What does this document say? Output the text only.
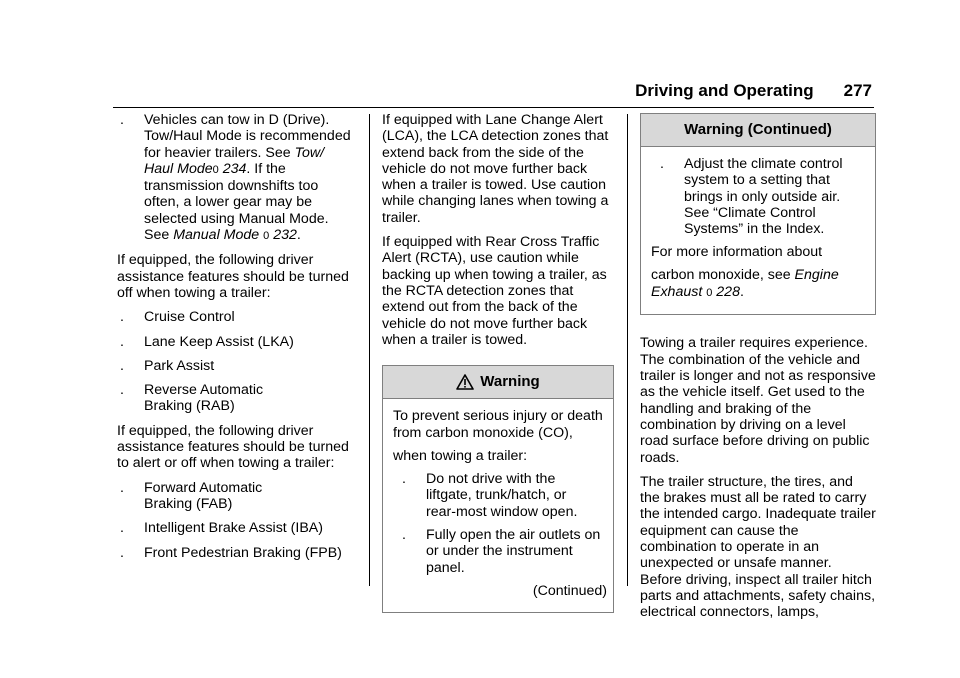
Driving and Operating 277
. Vehicles can tow in D (Drive). Tow/Haul Mode is recommended for heavier trailers. See Tow/ Haul Mode0 234. If the transmission downshifts too often, a lower gear may be selected using Manual Mode. See Manual Mode 0 232.

If equipped, the following driver assistance features should be turned off when towing a trailer:

. Cruise Control
. Lane Keep Assist (LKA)
. Park Assist
. Reverse Automatic Braking (RAB)

If equipped, the following driver assistance features should be turned to alert or off when towing a trailer:

. Forward Automatic Braking (FAB)
. Intelligent Brake Assist (IBA)
. Front Pedestrian Braking (FPB)

If equipped with Lane Change Alert (LCA), the LCA detection zones that extend back from the side of the vehicle do not move further back when a trailer is towed. Use caution while changing lanes when towing a trailer.

If equipped with Rear Cross Traffic Alert (RCTA), use caution while backing up when towing a trailer, as the RCTA detection zones that extend out from the back of the vehicle do not move further back when a trailer is towed.

Warning

To prevent serious injury or death from carbon monoxide (CO),

when towing a trailer:

. Do not drive with the liftgate, trunk/hatch, or rear-most window open.
. Fully open the air outlets on or under the instrument panel.

(Continued)

Warning (Continued)
. Adjust the climate control system to a setting that brings in only outside air. See “Climate Control Systems” in the Index.

For more information about

carbon monoxide, see Engine Exhaust 0 228.

Towing a trailer requires experience. The combination of the vehicle and trailer is longer and not as responsive as the vehicle itself. Get used to the handling and braking of the combination by driving on a level road surface before driving on public roads.

The trailer structure, the tires, and the brakes must all be rated to carry the intended cargo. Inadequate trailer equipment can cause the combination to operate in an unexpected or unsafe manner. Before driving, inspect all trailer hitch parts and attachments, safety chains, electrical connectors, lamps,
